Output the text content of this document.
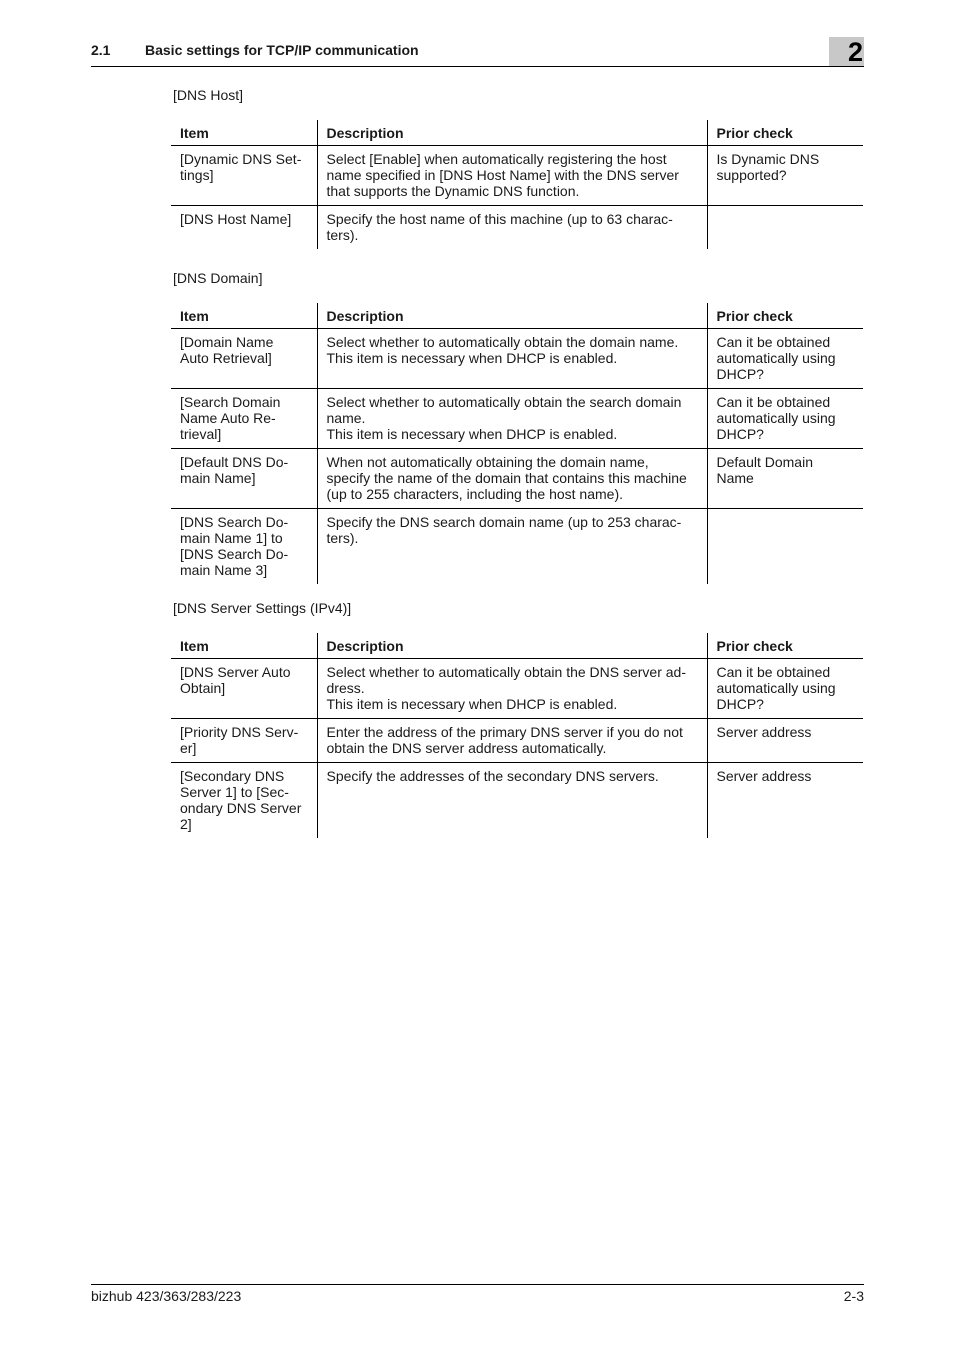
2.1 Basic settings for TCP/IP communication	2
[DNS Host]
Item	Description	Prior check
[Dynamic DNS Set-
tings]	Select [Enable] when automatically registering the host
name specified in [DNS Host Name] with the DNS server
that supports the Dynamic DNS function.	Is Dynamic DNS
supported?
[DNS Host Name]	Specify the host name of this machine (up to 63 charac-
ters).	
[DNS Domain]
Item	Description	Prior check
[Domain Name
Auto Retrieval]	Select whether to automatically obtain the domain name.
This item is necessary when DHCP is enabled.	Can it be obtained
automatically using
DHCP?
[Search Domain
Name Auto Re-
trieval]	Select whether to automatically obtain the search domain
name.
This item is necessary when DHCP is enabled.	Can it be obtained
automatically using
DHCP?
[Default DNS Do-
main Name]	When not automatically obtaining the domain name,
specify the name of the domain that contains this machine
(up to 255 characters, including the host name).	Default Domain
Name
[DNS Search Do-
main Name 1] to
[DNS Search Do-
main Name 3]	Specify the DNS search domain name (up to 253 charac-
ters).	
[DNS Server Settings (IPv4)]
Item	Description	Prior check
[DNS Server Auto
Obtain]	Select whether to automatically obtain the DNS server ad-
dress.
This item is necessary when DHCP is enabled.	Can it be obtained
automatically using
DHCP?
[Priority DNS Serv-
er]	Enter the address of the primary DNS server if you do not
obtain the DNS server address automatically.	Server address
[Secondary DNS
Server 1] to [Sec-
ondary DNS Server
2]	Specify the addresses of the secondary DNS servers.	Server address
bizhub 423/363/283/223	2-3
